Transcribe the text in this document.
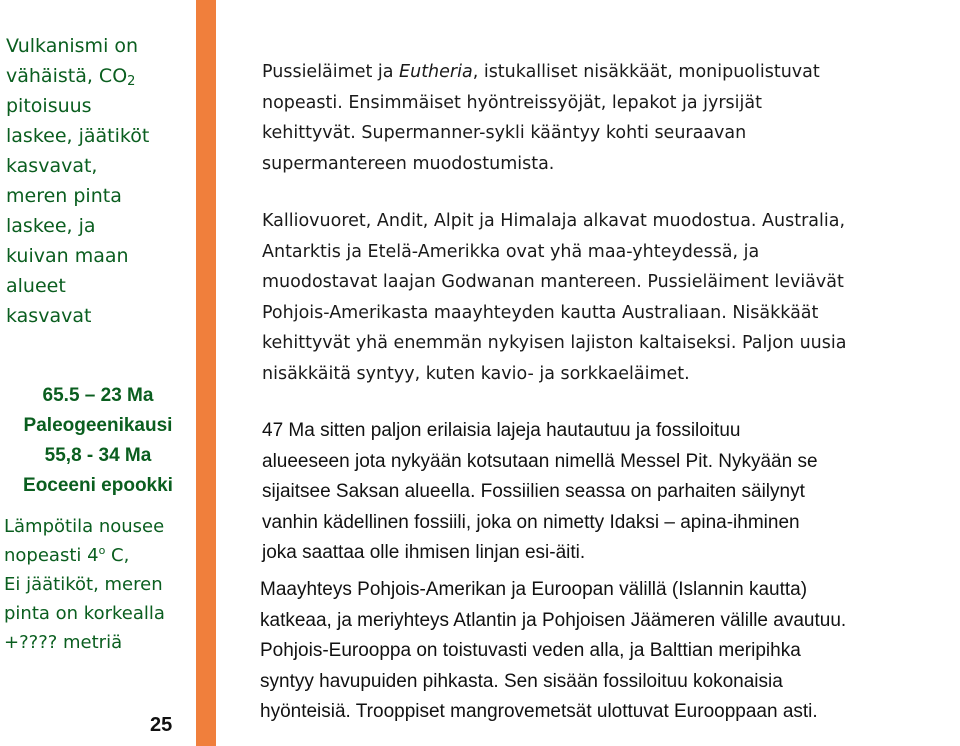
Vulkanismi on
vähäistä, $CO_2$
pitoisuus
laskee, jäätiköt
kasvavat,
meren pinta
laskee, ja
kuivan maan
alueet
kasvavat
65.5 – 23 Ma
Paleogeenikausi
55,8 - 34 Ma
Eoceeni epookki
Lämpötila nousee
nopeasti 4$^o$ C,
Ei jäätiköt, meren
pinta on korkealla
+???? metriä
25
Pussieläimet ja Eutheria, istukalliset nisäkkäät, monipuolistuvat
nopeasti. Ensimmäiset hyöntreissyöjät, lepakot ja jyrsijät
kehittyvät. Supermanner-sykli kääntyy kohti seuraavan
supermantereen muodostumista.
Kalliovuoret, Andit, Alpit ja Himalaja alkavat muodostua. Australia,
Antarktis ja Etelä-Amerikka ovat yhä maa-yhteydessä, ja
muodostavat laajan Godwanan mantereen. Pussieläiment leviävät
Pohjois-Amerikasta maayhteyden kautta Australiaan. Nisäkkäät
kehittyvät yhä enemmän nykyisen lajiston kaltaiseksi. Paljon uusia
nisäkkäitä syntyy, kuten kavio- ja sorkkaeläimet.
47 Ma sitten paljon erilaisia lajeja hautautuu ja fossiloituu
alueeseen jota nykyään kotsutaan nimellä Messel Pit. Nykyään se
sijaitsee Saksan alueella. Fossiilien seassa on parhaiten säilynyt
vanhin kädellinen fossiili, joka on nimetty Idaksi – apina-ihminen
joka saattaa olle ihmisen linjan esi-äiti.
Maayhteys Pohjois-Amerikan ja Euroopan välillä (Islannin kautta)
katkeaa, ja meriyhteys Atlantin ja Pohjoisen Jäämeren välille avautuu.
Pohjois-Eurooppa on toistuvasti veden alla, ja Balttian meripihka
syntyy havupuiden pihkasta. Sen sisään fossiloituu kokonaisia
hyönteisiä. Trooppiset mangrovemetsät ulottuvat Eurooppaan asti.
